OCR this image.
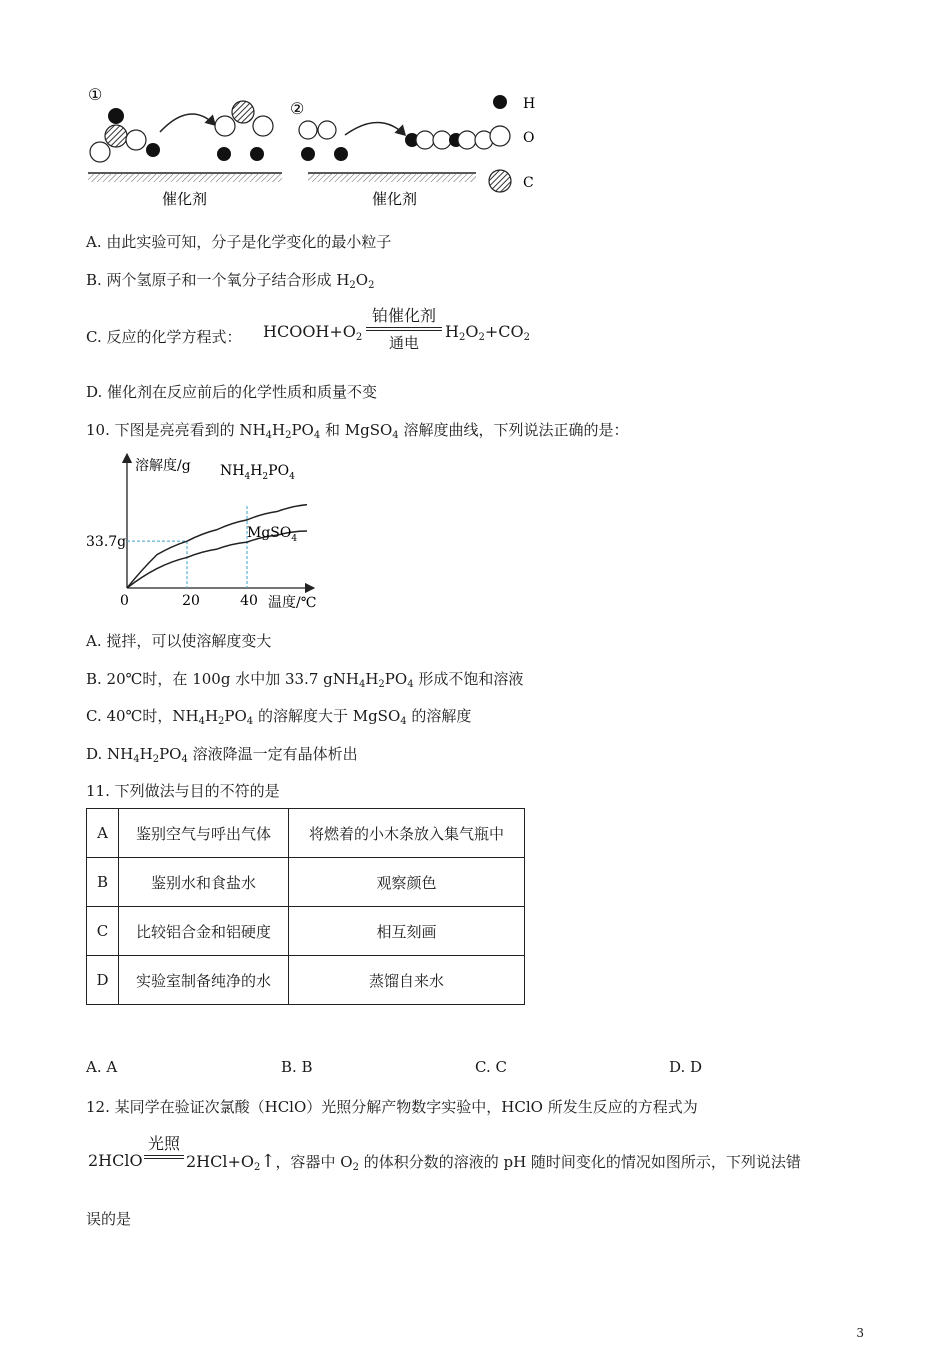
①
催化剂
②
催化剂
H
O
C
A. 由此实验可知，分子是化学变化的最小粒子
B. 两个氢原子和一个氧分子结合形成 $H_2O_2$
C. 反应的化学方程式： $HCOOH+O_2$
铂催化剂
通电
$H_2O_2+CO_2$
D. 催化剂在反应前后的化学性质和质量不变
10. 下图是亮亮看到的 $NH_4H_2PO_4$ 和 MgSO$_4$ 溶解度曲线，下列说法正确的是：
溶解度/g
温度/℃
0	20	40
33.7g
$NH_4H_2PO_4$
MgSO$_4$
A. 搅拌，可以使溶解度变大
B. 20℃时，在 100g 水中加 33.7 $gNH_4H_2PO_4$ 形成不饱和溶液
C. 40℃时，$NH_4H_2PO_4$ 的溶解度大于 MgSO$_4$ 的溶解度
D. $NH_4H_2PO_4$ 溶液降温一定有晶体析出
11. 下列做法与目的不符的是
A	鉴别空气与呼出气体	将燃着的小木条放入集气瓶中
B	鉴别水和食盐水	观察颜色
C	比较铝合金和铝硬度	相互刻画
D	实验室制备纯净的水	蒸馏自来水
A. A	B. B	C. C	D. D
12. 某同学在验证次氯酸（HClO）光照分解产物数字实验中，HClO 所发生反应的方程式为
2HClO
光照
$2HCl+O_2↑$，容器中 $O_2$ 的体积分数的溶液的 pH 随时间变化的情况如图所示，下列说法错
误的是
3
